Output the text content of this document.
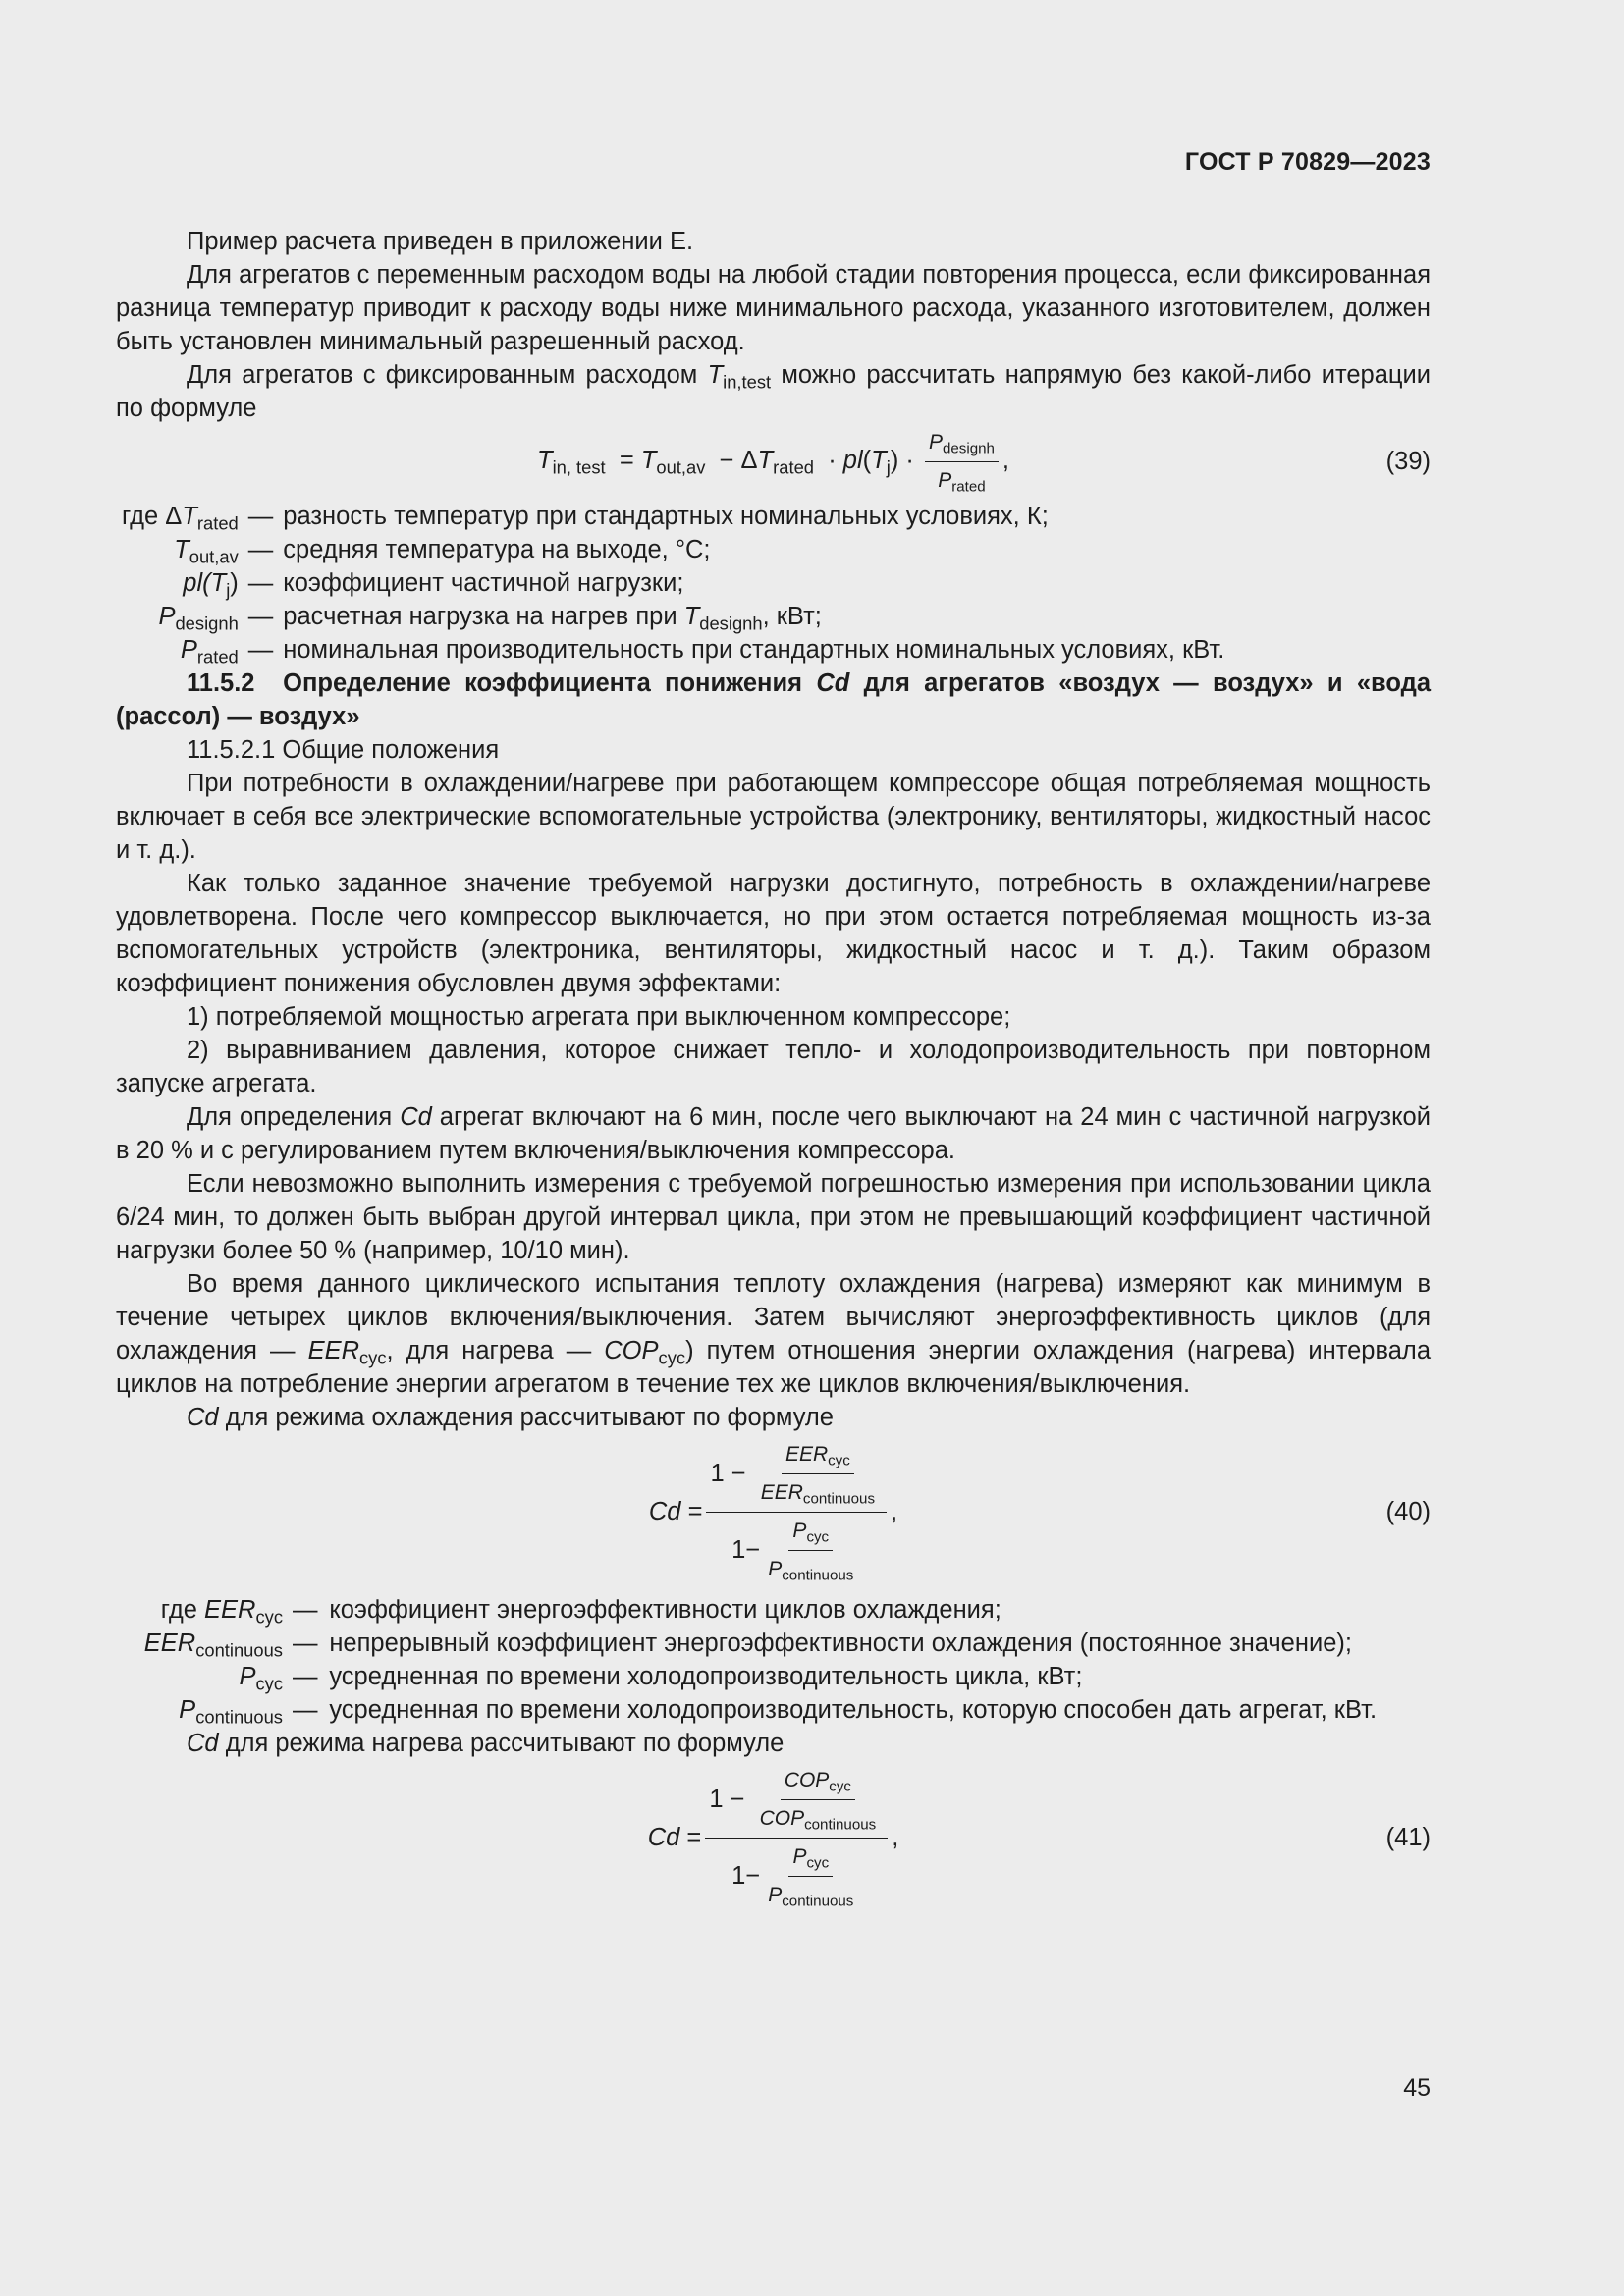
ГОСТ Р 70829—2023

Пример расчета приведен в приложении Е.

Для агрегатов с переменным расходом воды на любой стадии повторения процесса, если фиксированная разница температур приводит к расходу воды ниже минимального расхода, указанного изготовителем, должен быть установлен минимальный разрешенный расход.

Для агрегатов с фиксированным расходом $T_{in,test}$ можно рассчитать напрямую без какой-либо итерации по формуле

$T_{in, test} = T_{out,av} - \Delta T_{rated} \cdot pl(T_j) \cdot \frac{P_{designh}}{P_{rated}}$ ,	(39)
где $\Delta T_{rated}$	—	разность температур при стандартных номинальных условиях, К;
$T_{out,av}$	—	средняя температура на выходе, °С;
$pl(T_j)$	—	коэффициент частичной нагрузки;
$P_{designh}$	—	расчетная нагрузка на нагрев при $T_{designh}$, кВт;
$P_{rated}$	—	номинальная производительность при стандартных номинальных условиях, кВт.

11.5.2 Определение коэффициента понижения Cd для агрегатов «воздух — воздух» и «вода (рассол) — воздух»

11.5.2.1 Общие положения

При потребности в охлаждении/нагреве при работающем компрессоре общая потребляемая мощность включает в себя все электрические вспомогательные устройства (электронику, вентиляторы, жидкостный насос и т. д.).

Как только заданное значение требуемой нагрузки достигнуто, потребность в охлаждении/нагреве удовлетворена. После чего компрессор выключается, но при этом остается потребляемая мощность из-за вспомогательных устройств (электроника, вентиляторы, жидкостный насос и т. д.). Таким образом коэффициент понижения обусловлен двумя эффектами:

1) потребляемой мощностью агрегата при выключенном компрессоре;

2) выравниванием давления, которое снижает тепло- и холодопроизводительность при повторном запуске агрегата.

Для определения Cd агрегат включают на 6 мин, после чего выключают на 24 мин с частичной нагрузкой в 20 % и с регулированием путем включения/выключения компрессора.

Если невозможно выполнить измерения с требуемой погрешностью измерения при использовании цикла 6/24 мин, то должен быть выбран другой интервал цикла, при этом не превышающий коэффициент частичной нагрузки более 50 % (например, 10/10 мин).

Во время данного циклического испытания теплоту охлаждения (нагрева) измеряют как минимум в течение четырех циклов включения/выключения. Затем вычисляют энергоэффективность циклов (для охлаждения — $EER_{cyc}$, для нагрева — $COP_{cyc}$) путем отношения энергии охлаждения (нагрева) интервала циклов на потребление энергии агрегатом в течение тех же циклов включения/выключения.

Cd для режима охлаждения рассчитывают по формуле

Cd =
1 −
$\frac{EER_{cyc}}{EER_{continuous}}$
$1- \frac{P_{cyc}}{P_{continuous}}$
,	(40)
где $EER_{cyc}$	—	коэффициент энергоэффективности циклов охлаждения;
$EER_{continuous}$	—	непрерывный коэффициент энергоэффективности охлаждения (постоянное значение);
$P_{cyc}$	—	усредненная по времени холодопроизводительность цикла, кВт;
$P_{continuous}$	—	усредненная по времени холодопроизводительность, которую способен дать агрегат, кВт.

Cd для режима нагрева рассчитывают по формуле

Cd =
1 −
$\frac{COP_{cyc}}{COP_{continuous}}$
$1- \frac{P_{cyc}}{P_{continuous}}$
,	(41)
45
